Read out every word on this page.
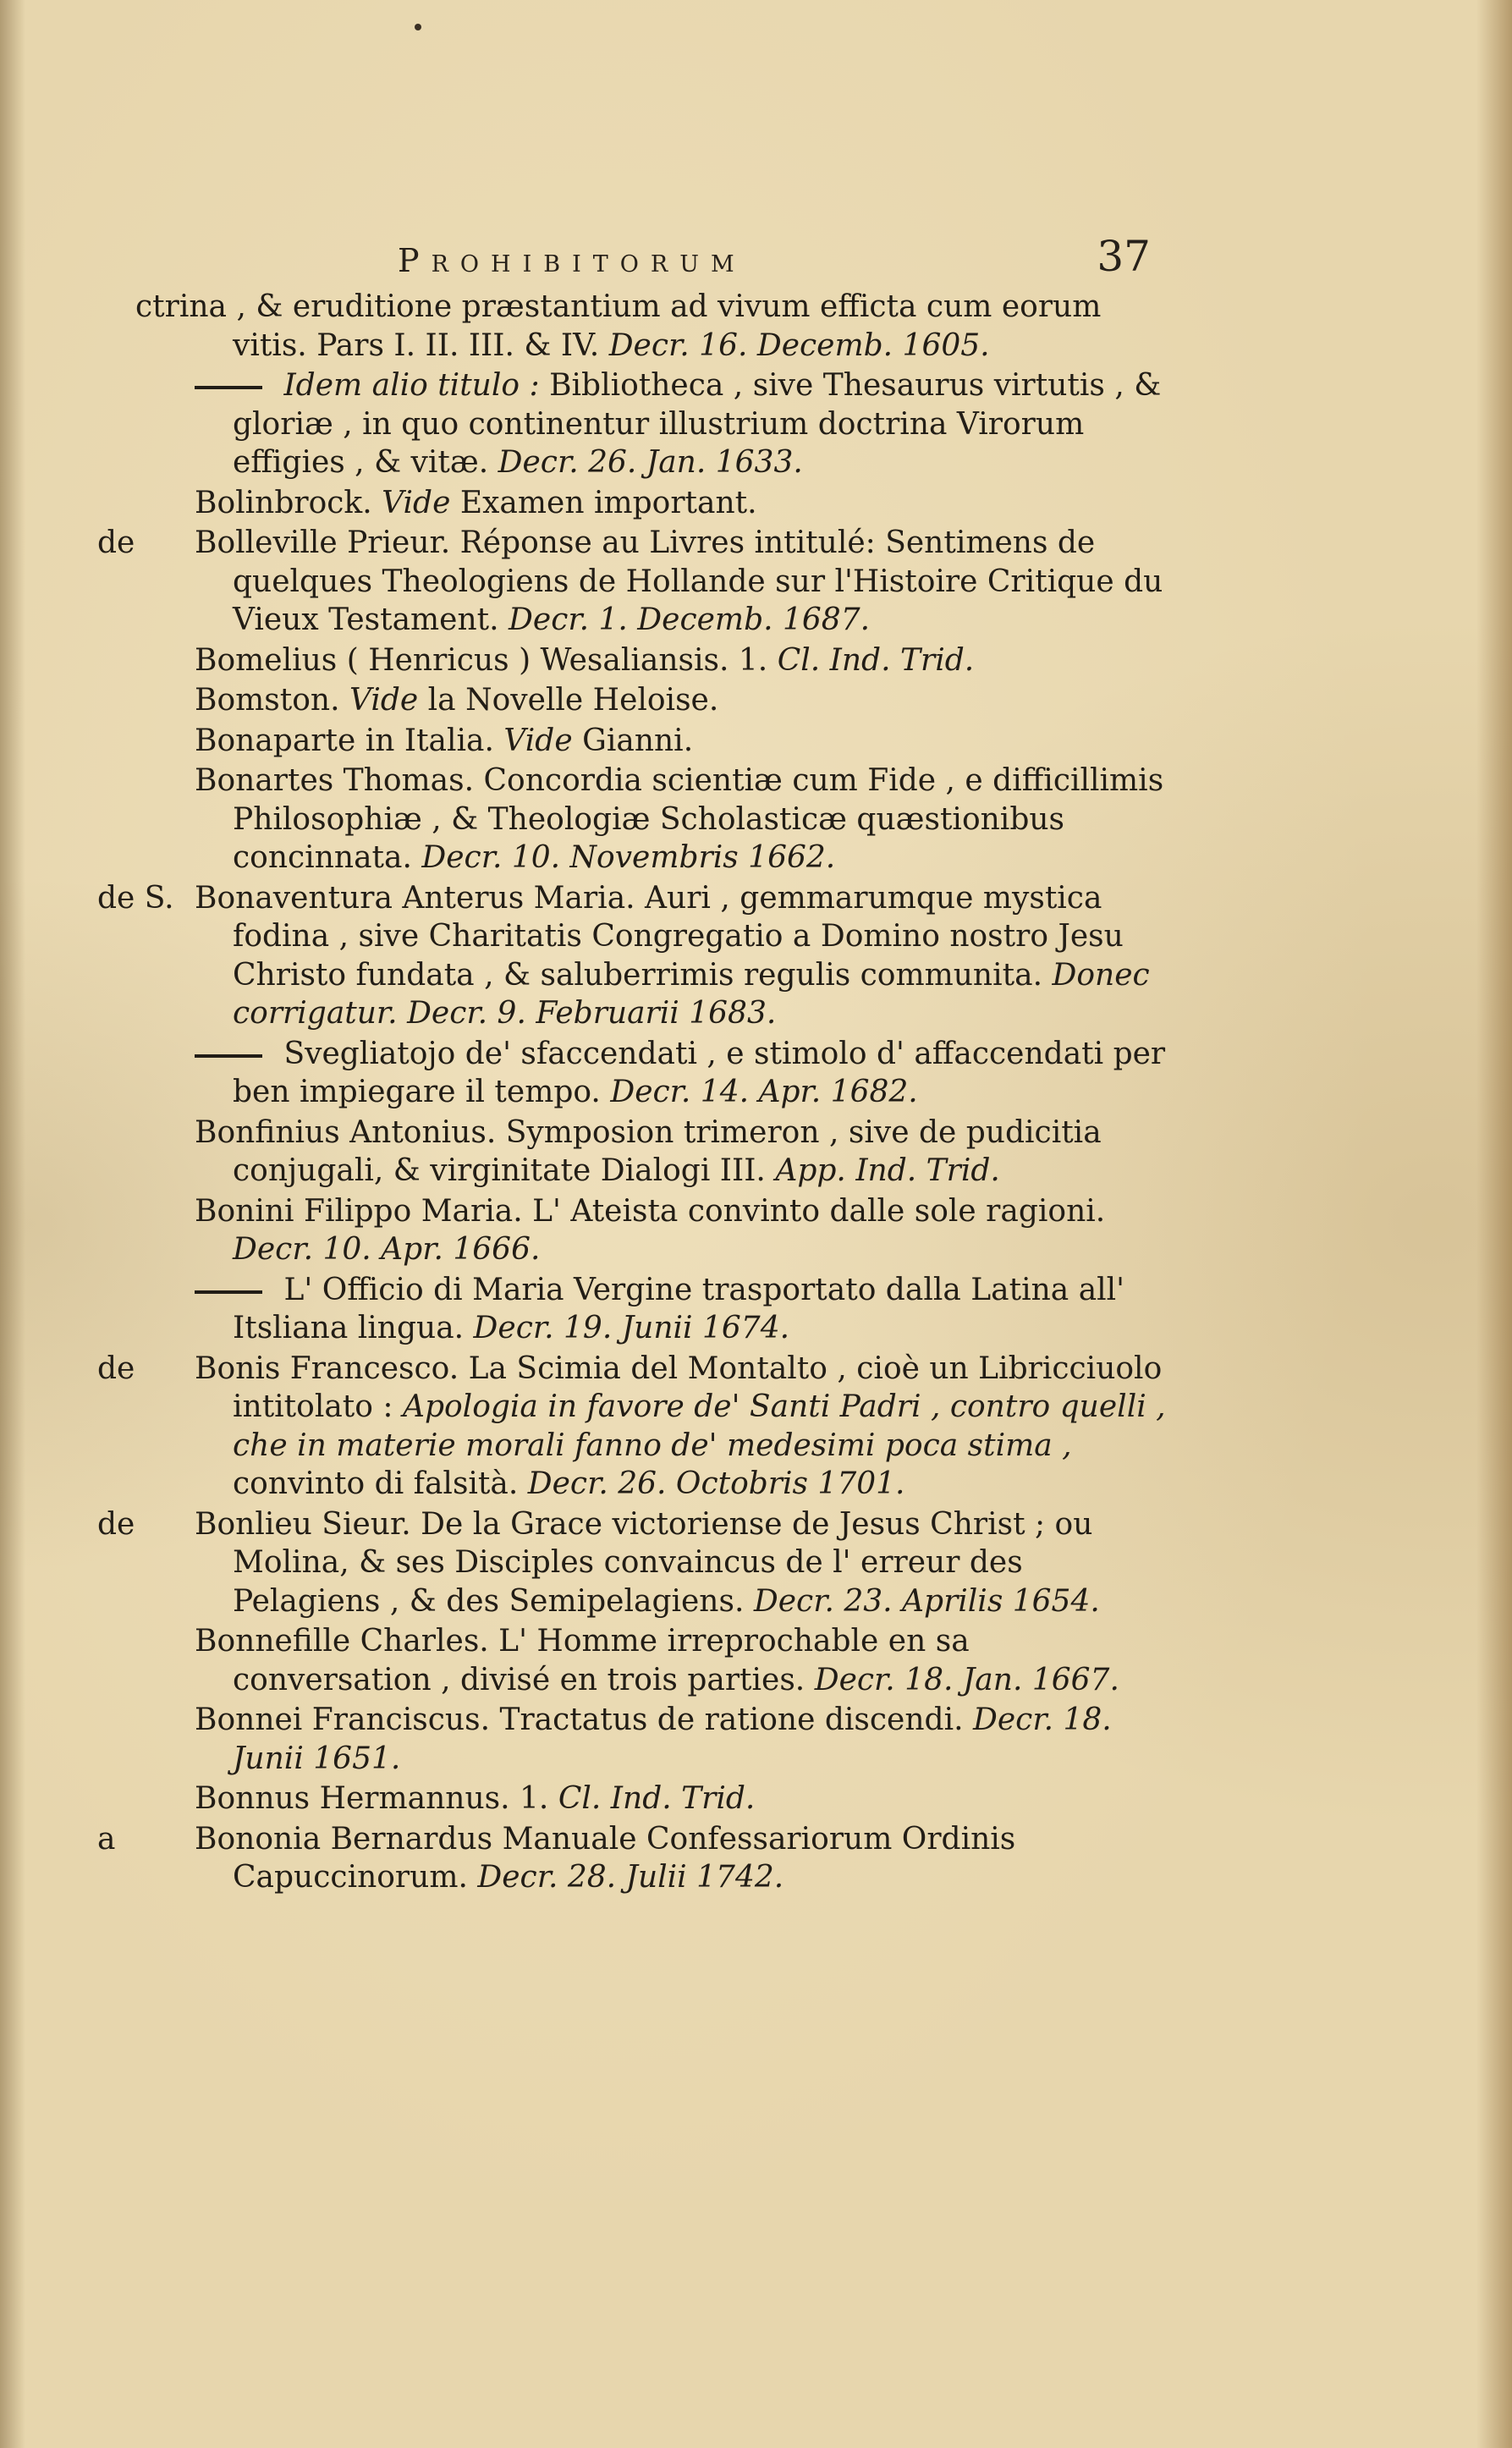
Prohibitorum	37
ctrina , & eruditione præstantium ad vivum efficta cum eorum vitis. Pars I. II. III. & IV. Decr. 16. Decemb. 1605.
Idem alio titulo : Bibliotheca , sive Thesaurus virtutis , & gloriæ , in quo continentur illustrium doctrina Virorum effigies , & vitæ. Decr. 26. Jan. 1633.
Bolinbrock. Vide Examen important.
de Bolleville Prieur. Réponse au Livres intitulé: Sentimens de quelques Theologiens de Hollande sur l'Histoire Critique du Vieux Testament. Decr. 1. Decemb. 1687.
Bomelius ( Henricus ) Wesaliansis. 1. Cl. Ind. Trid.
Bomston. Vide la Novelle Heloise.
Bonaparte in Italia. Vide Gianni.
Bonartes Thomas. Concordia scientiæ cum Fide , e difficillimis Philosophiæ , & Theologiæ Scholasticæ quæstionibus concinnata. Decr. 10. Novembris 1662.
de S. Bonaventura Anterus Maria. Auri , gemmarumque mystica fodina , sive Charitatis Congregatio a Domino nostro Jesu Christo fundata , & saluberrimis regulis communita. Donec corrigatur. Decr. 9. Februarii 1683.
Svegliatojo de' sfaccendati , e stimolo d' affaccendati per ben impiegare il tempo. Decr. 14. Apr. 1682.
Bonfinius Antonius. Symposion trimeron , sive de pudicitia conjugali, & virginitate Dialogi III. App. Ind. Trid.
Bonini Filippo Maria. L' Ateista convinto dalle sole ragioni. Decr. 10. Apr. 1666.
L' Officio di Maria Vergine trasportato dalla Latina all' Itsliana lingua. Decr. 19. Junii 1674.
de Bonis Francesco. La Scimia del Montalto , cioè un Libricciuolo intitolato : Apologia in favore de' Santi Padri , contro quelli , che in materie morali fanno de' medesimi poca stima , convinto di falsità. Decr. 26. Octobris 1701.
de Bonlieu Sieur. De la Grace victoriense de Jesus Christ ; ou Molina, & ses Disciples convaincus de l' erreur des Pelagiens , & des Semipelagiens. Decr. 23. Aprilis 1654.
Bonnefille Charles. L' Homme irreprochable en sa conversation , divisé en trois parties. Decr. 18. Jan. 1667.
Bonnei Franciscus. Tractatus de ratione discendi. Decr. 18. Junii 1651.
Bonnus Hermannus. 1. Cl. Ind. Trid.
a	Bononia Bernardus Manuale Confessariorum Ordinis Capuccinorum. Decr. 28. Julii 1742.
